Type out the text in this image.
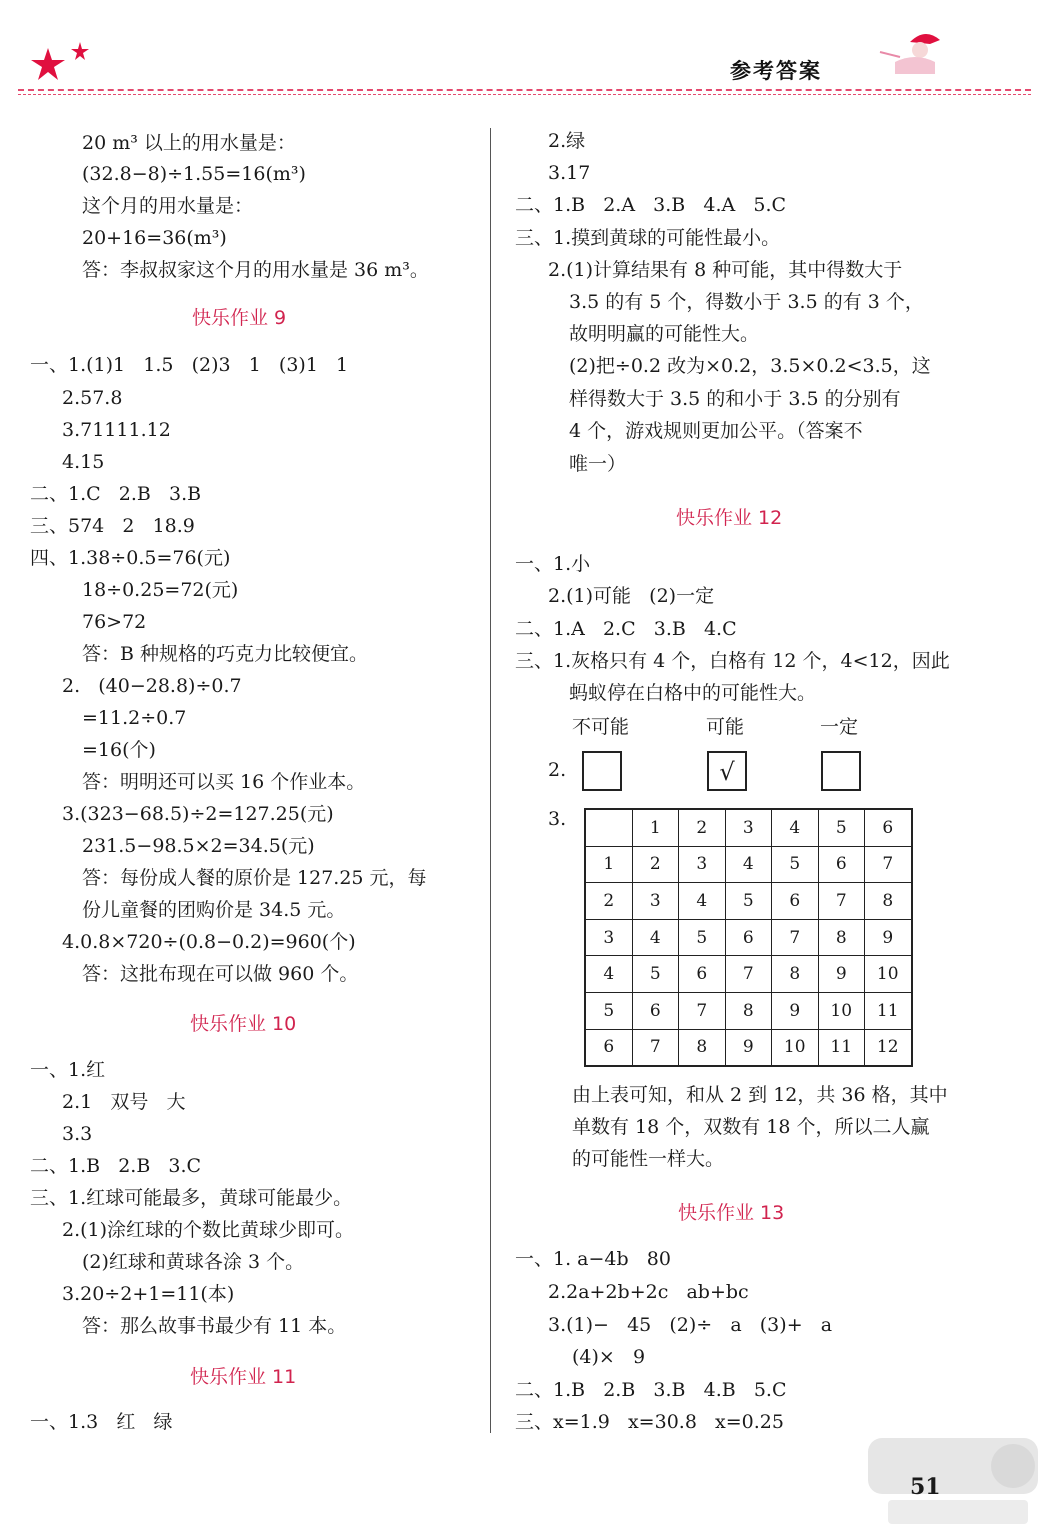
参考答案
20 m³ 以上的用水量是：
(32.8−8)÷1.55=16(m³)
这个月的用水量是：
20+16=36(m³)
答：李叔叔家这个月的用水量是 36 m³。
快乐作业 9
一、1.(1)1   1.5   (2)3   1   (3)1   1
2.57.8
3.71111.12
4.15
二、1.C   2.B   3.B
三、574   2   18.9
四、1.38÷0.5=76(元)
18÷0.25=72(元)
76>72
答：B 种规格的巧克力比较便宜。
2.   (40−28.8)÷0.7
=11.2÷0.7
=16(个)
答：明明还可以买 16 个作业本。
3.(323−68.5)÷2=127.25(元)
231.5−98.5×2=34.5(元)
答：每份成人餐的原价是 127.25 元，每
份儿童餐的团购价是 34.5 元。
4.0.8×720÷(0.8−0.2)=960(个)
答：这批布现在可以做 960 个。
快乐作业 10
一、1.红
2.1   双号   大
3.3
二、1.B   2.B   3.C
三、1.红球可能最多，黄球可能最少。
2.(1)涂红球的个数比黄球少即可。
(2)红球和黄球各涂 3 个。
3.20÷2+1=11(本)
答：那么故事书最少有 11 本。
快乐作业 11
一、1.3   红   绿
2.绿
3.17
二、1.B   2.A   3.B   4.A   5.C
三、1.摸到黄球的可能性最小。
2.(1)计算结果有 8 种可能，其中得数大于
3.5 的有 5 个，得数小于 3.5 的有 3 个，
故明明赢的可能性大。
(2)把÷0.2 改为×0.2，3.5×0.2<3.5，这
样得数大于 3.5 的和小于 3.5 的分别有
4 个，游戏规则更加公平。（答案不
唯一）
快乐作业 12
一、1.小
2.(1)可能   (2)一定
二、1.A   2.C   3.B   4.C
三、1.灰格只有 4 个，白格有 12 个，4<12，因此
蚂蚁停在白格中的可能性大。
2.
不可能	可能	一定
√
3.
		1	2	3	4	5	6
1	2	3	4	5	6	7
2	3	4	5	6	7	8
3	4	5	6	7	8	9
4	5	6	7	8	9	10
5	6	7	8	9	10	11
6	7	8	9	10	11	12
由上表可知，和从 2 到 12，共 36 格，其中
单数有 18 个，双数有 18 个，所以二人赢
的可能性一样大。
快乐作业 13
一、1. a−4b   80
2.2a+2b+2c   ab+bc
3.(1)−   45   (2)÷   a   (3)+   a
(4)×   9
二、1.B   2.B   3.B   4.B   5.C
三、x=1.9   x=30.8   x=0.25
51
